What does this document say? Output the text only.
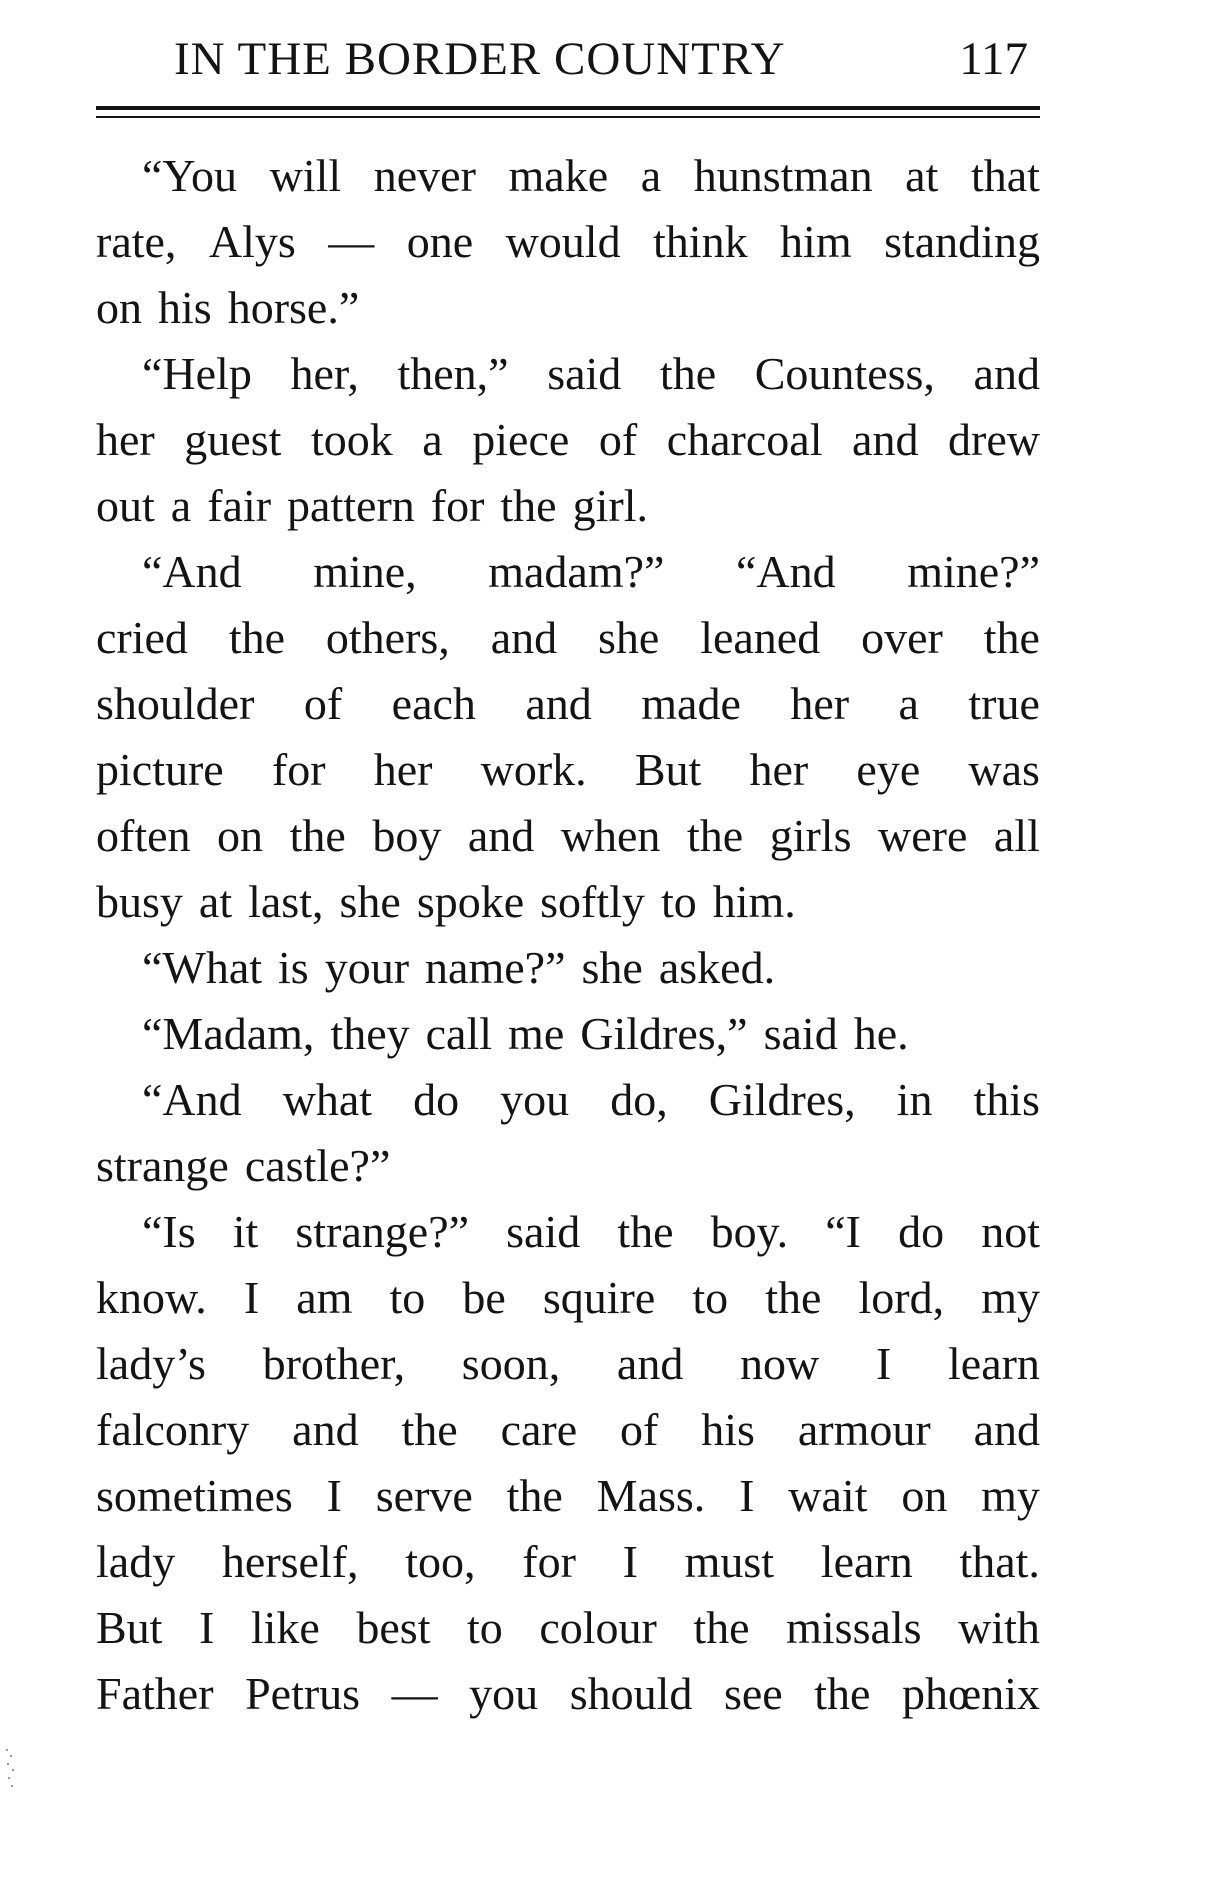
IN THE BORDER COUNTRY	117
“You will never make a hunstman at that
rate, Alys — one would think him standing
on his horse.”
“Help her, then,” said the Countess, and
her guest took a piece of charcoal and drew
out a fair pattern for the girl.
“And mine, madam?” “And mine?”
cried the others, and she leaned over the
shoulder of each and made her a true
picture for her work. But her eye was
often on the boy and when the girls were all
busy at last, she spoke softly to him.
“What is your name?” she asked.
“Madam, they call me Gildres,” said he.
“And what do you do, Gildres, in this
strange castle?”
“Is it strange?” said the boy. “I do not
know. I am to be squire to the lord, my
lady’s brother, soon, and now I learn
falconry and the care of his armour and
sometimes I serve the Mass. I wait on my
lady herself, too, for I must learn that.
But I like best to colour the missals with
Father Petrus — you should see the phœnix
